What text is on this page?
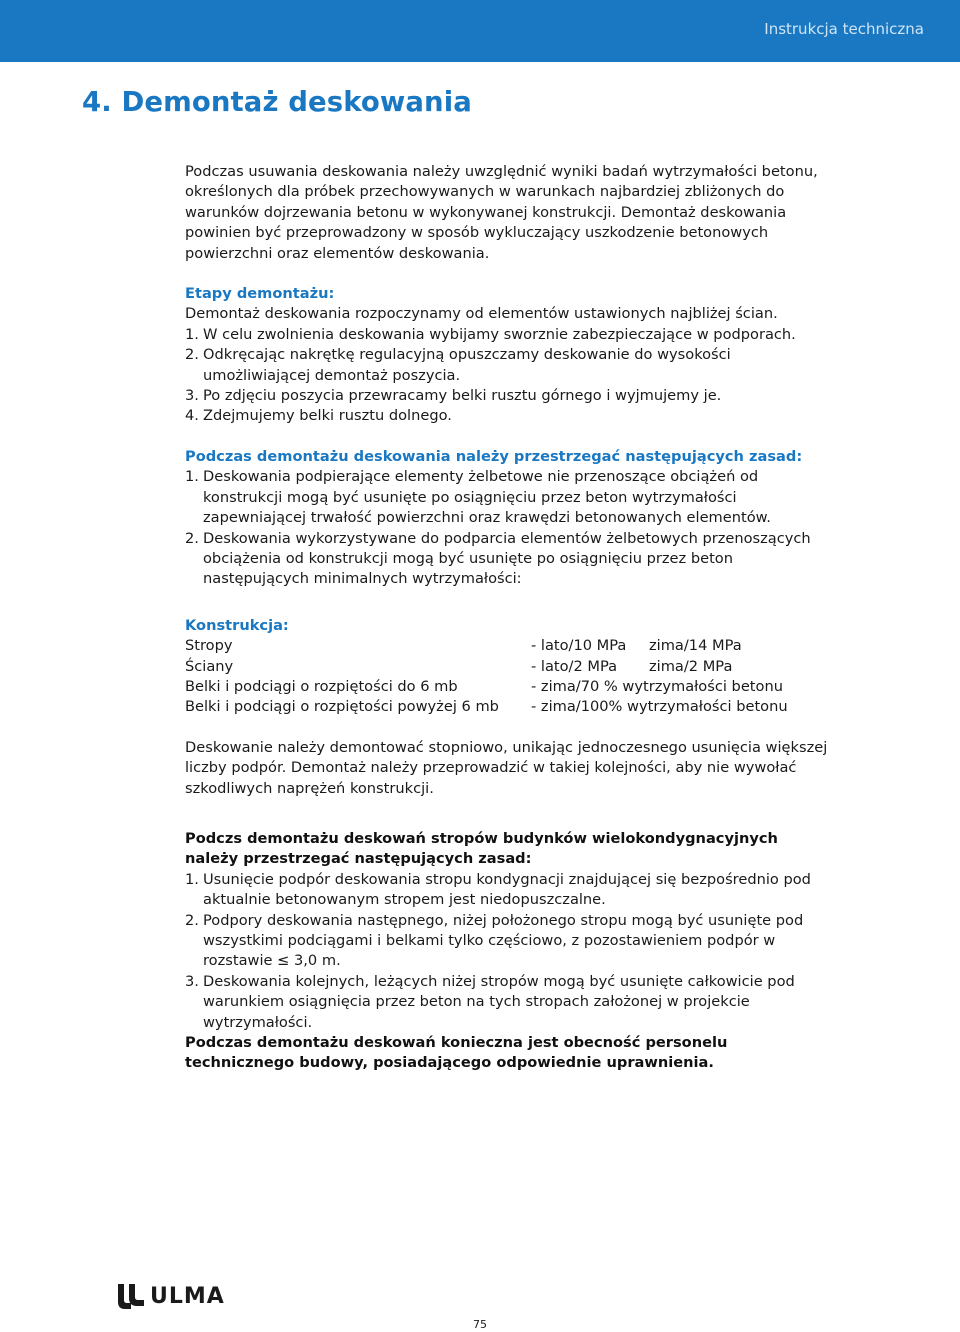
Instrukcja techniczna
4. Demontaż deskowania

Podczas usuwania deskowania należy uwzględnić wyniki badań wytrzymałości betonu, określonych dla próbek przechowywanych w warunkach najbardziej zbliżonych do warunków dojrzewania betonu w wykonywanej konstrukcji. Demontaż deskowania powinien być przeprowadzony w sposób wykluczający uszkodzenie betonowych powierzchni oraz elementów deskowania.

Etapy demontażu:

Demontaż deskowania rozpoczynamy od elementów ustawionych najbliżej ścian.

1. W celu zwolnienia deskowania wybijamy sworznie zabezpieczające w podporach.
2. Odkręcając nakrętkę regulacyjną opuszczamy deskowanie do wysokości umożliwiającej demontaż poszycia.
3. Po zdjęciu poszycia przewracamy belki rusztu górnego i wyjmujemy je.
4. Zdejmujemy belki rusztu dolnego.

Podczas demontażu deskowania należy przestrzegać następujących zasad:

1. Deskowania podpierające elementy żelbetowe nie przenoszące obciążeń od konstrukcji mogą być usunięte po osiągnięciu przez beton wytrzymałości zapewniającej trwałość powierzchni oraz krawędzi betonowanych elementów.
2. Deskowania wykorzystywane do podparcia elementów żelbetowych przenoszących obciążenia od konstrukcji mogą być usunięte po osiągnięciu przez beton następujących minimalnych wytrzymałości:

Konstrukcja:

Stropy	- lato/10 MPa	zima/14 MPa
Ściany	- lato/2 MPa	zima/2 MPa
Belki i podciągi o rozpiętości do 6 mb	- zima/70 % wytrzymałości betonu	
Belki i podciągi o rozpiętości powyżej 6 mb	- zima/100% wytrzymałości betonu	

Deskowanie należy demontować stopniowo, unikając jednoczesnego usunięcia większej liczby podpór. Demontaż należy przeprowadzić w takiej kolejności, aby nie wywołać szkodliwych naprężeń konstrukcji.

Podczs demontażu deskowań stropów budynków wielokondygnacyjnych należy przestrzegać następujących zasad:

1. Usunięcie podpór deskowania stropu kondygnacji znajdującej się bezpośrednio pod aktualnie betonowanym stropem jest niedopuszczalne.
2. Podpory deskowania następnego, niżej położonego stropu mogą być usunięte pod wszystkimi podciągami i belkami tylko częściowo, z pozostawieniem podpór w rozstawie ≤ 3,0 m.
3. Deskowania kolejnych, leżących niżej stropów mogą być usunięte całkowicie pod warunkiem osiągnięcia przez beton na tych stropach założonej w projekcie wytrzymałości.

Podczas demontażu deskowań konieczna jest obecność personelu technicznego budowy, posiadającego odpowiednie uprawnienia.

ULMA
75
